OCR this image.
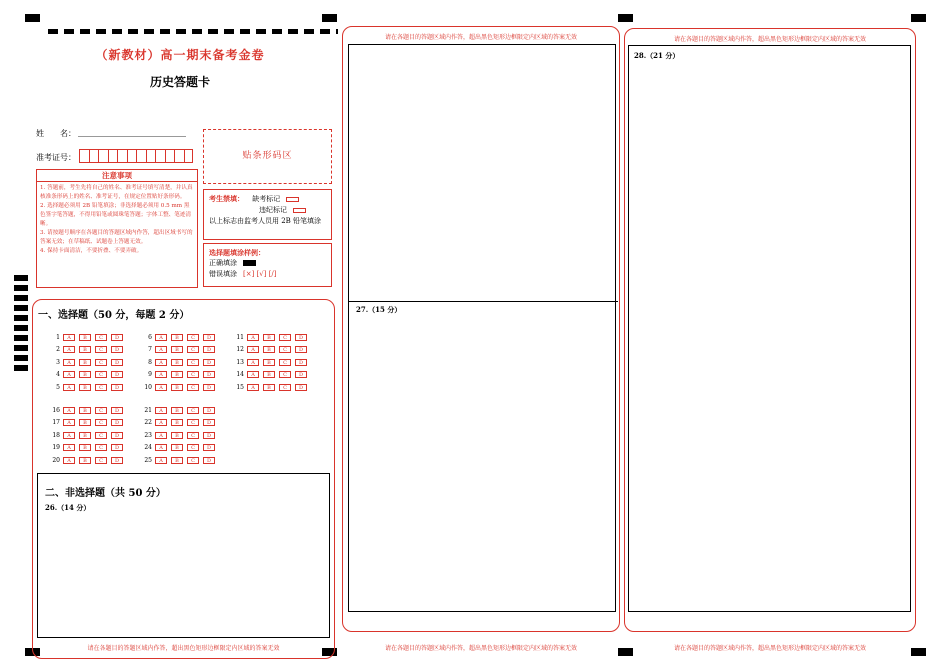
（新教材）高一期末备考金卷
历史答题卡
姓　　名：
准考证号：
注意事项

1. 答题前，考生先将自己的姓名、准考证号填写清楚，并认真核准条形码上的姓名、准考证号，在规定位置贴好条形码。

2. 选择题必须用 2B 铅笔填涂；非选择题必须用 0.5 mm 黑色签字笔答题，不得用铅笔或圆珠笔答题；字体工整、笔迹清晰。

3. 请按题号顺序在各题目的答题区域内作答，超出区域书写的答案无效；在草稿纸、试题卷上答题无效。

4. 保持卡面清洁，不要折叠、不要弄破。

贴条形码区
考生禁填： 缺考标记
违纪标记
以上标志由监考人员用 2B 铅笔填涂
选择题填涂样例：
正确填涂
错误填涂 [×] [√] [/]
一、选择题（50 分，每题 2 分）
1	A	B	C	D
2	A	B	C	D
3	A	B	C	D
4	A	B	C	D
5	A	B	C	D
6	A	B	C	D
7	A	B	C	D
8	A	B	C	D
9	A	B	C	D
10	A	B	C	D
11	A	B	C	D
12	A	B	C	D
13	A	B	C	D
14	A	B	C	D
15	A	B	C	D
16	A	B	C	D
17	A	B	C	D
18	A	B	C	D
19	A	B	C	D
20	A	B	C	D
21	A	B	C	D
22	A	B	C	D
23	A	B	C	D
24	A	B	C	D
25	A	B	C	D
二、非选择题（共 50 分）
26.（14 分）
请在各题目的答题区域内作答，超出黑色矩形边框限定内区域的答案无效
请在各题目的答题区域内作答，超出黑色矩形边框限定内区域的答案无效
27.（15 分）
请在各题目的答题区域内作答，超出黑色矩形边框限定内区域的答案无效
请在各题目的答题区域内作答，超出黑色矩形边框限定内区域的答案无效
28.（21 分）
请在各题目的答题区域内作答，超出黑色矩形边框限定内区域的答案无效
